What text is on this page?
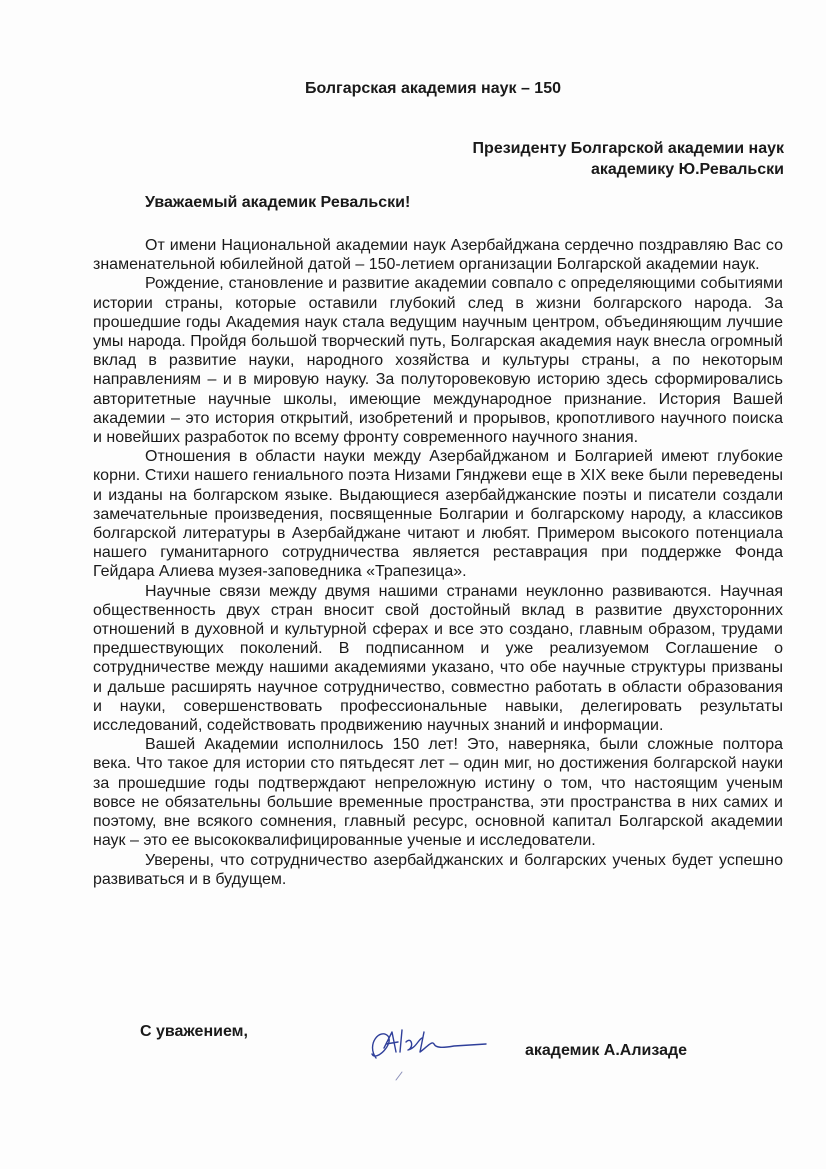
Болгарская академия наук – 150
Президенту Болгарской академии наук
академику Ю.Ревальски
Уважаемый академик Ревальски!

От имени Национальной академии наук Азербайджана сердечно поздравляю Вас со знаменательной юбилейной датой – 150-летием организации Болгарской академии наук.

Рождение, становление и развитие академии совпало с определяющими событиями истории страны, которые оставили глубокий след в жизни болгарского народа. За прошедшие годы Академия наук стала ведущим научным центром, объединяющим лучшие умы народа. Пройдя большой творческий путь, Болгарская академия наук внесла огромный вклад в развитие науки, народного хозяйства и культуры страны, а по некоторым направлениям – и в мировую науку. За полуторовековую историю здесь сформировались авторитетные научные школы, имеющие международное признание. История Вашей академии – это история открытий, изобретений и прорывов, кропотливого научного поиска и новейших разработок по всему фронту современного научного знания.

Отношения в области науки между Азербайджаном и Болгарией имеют глубокие корни. Стихи нашего гениального поэта Низами Гянджеви еще в XIX веке были переведены и изданы на болгарском языке. Выдающиеся азербайджанские поэты и писатели создали замечательные произведения, посвященные Болгарии и болгарскому народу, а классиков болгарской литературы в Азербайджане читают и любят. Примером высокого потенциала нашего гуманитарного сотрудничества является реставрация при поддержке Фонда Гейдара Алиева музея-заповедника «Трапезица».

Научные связи между двумя нашими странами неуклонно развиваются. Научная общественность двух стран вносит свой достойный вклад в развитие двухсторонних отношений в духовной и культурной сферах и все это создано, главным образом, трудами предшествующих поколений. В подписанном и уже реализуемом Соглашение о сотрудничестве между нашими академиями указано, что обе научные структуры призваны и дальше расширять научное сотрудничество, совместно работать в области образования и науки, совершенствовать профессиональные навыки, делегировать результаты исследований, содействовать продвижению научных знаний и информации.

Вашей Академии исполнилось 150 лет! Это, наверняка, были сложные полтора века. Что такое для истории сто пятьдесят лет – один миг, но достижения болгарской науки за прошедшие годы подтверждают непреложную истину о том, что настоящим ученым вовсе не обязательны большие временные пространства, эти пространства в них самих и поэтому, вне всякого сомнения, главный ресурс, основной капитал Болгарской академии наук – это ее высококвалифицированные ученые и исследователи.

Уверены, что сотрудничество азербайджанских и болгарских ученых будет успешно развиваться и в будущем.

С уважением,
академик А.Ализаде
